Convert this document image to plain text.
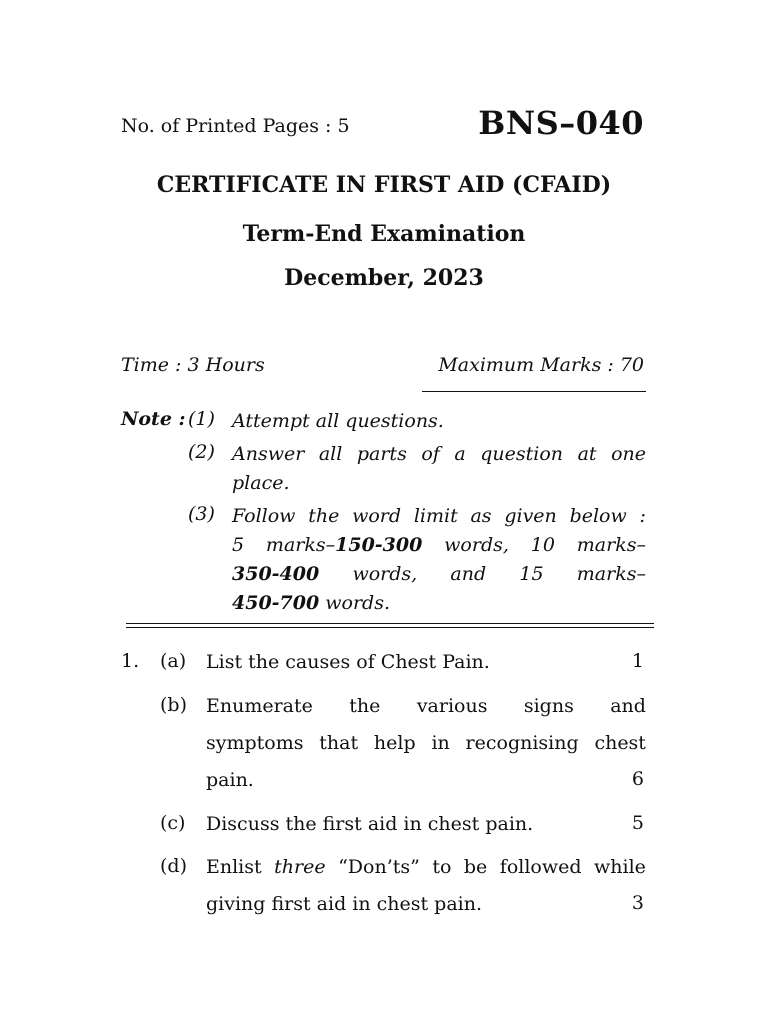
No. of Printed Pages : 5	BNS–040
CERTIFICATE IN FIRST AID (CFAID)
Term-End Examination
December, 2023
Time : 3 Hours	Maximum Marks : 70
Note : (1) Attempt all questions.
(2) Answer all parts of a question at one
place.
(3) Follow the word limit as given below :
5 marks–150-300 words, 10 marks–
350-400 words, and 15 marks–
450-700 words.
1. (a) List the causes of Chest Pain.	1
(b) Enumerate the various signs and
symptoms that help in recognising chest
pain.	6
(c) Discuss the first aid in chest pain.	5
(d) Enlist three “Don’ts” to be followed while
giving first aid in chest pain.	3
